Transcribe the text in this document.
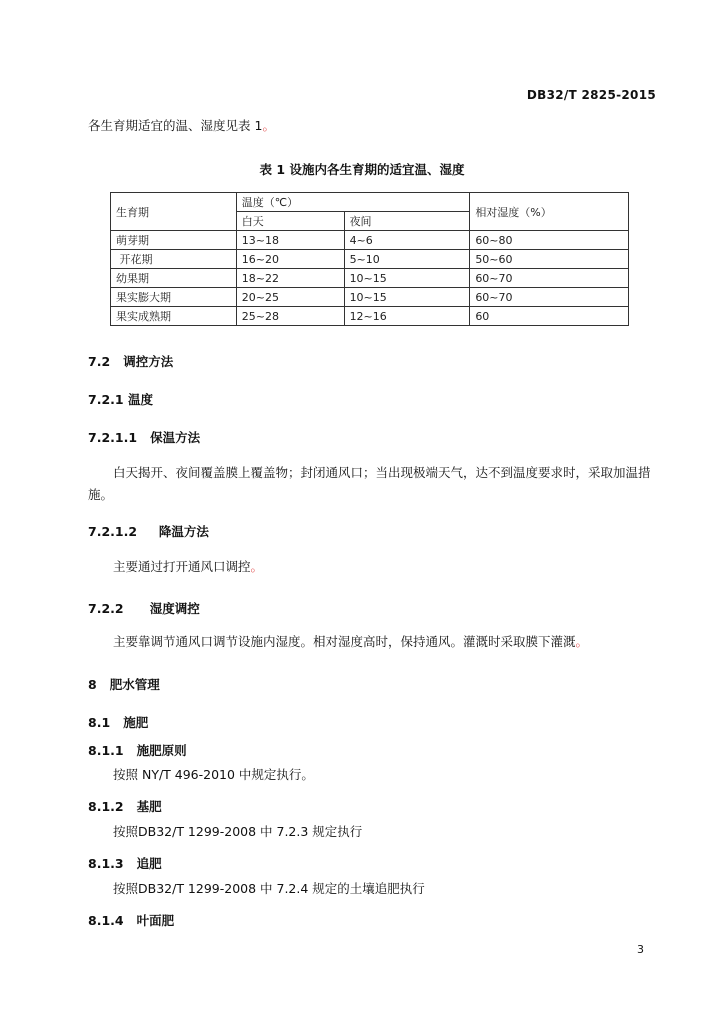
DB32/T 2825-2015
各生育期适宜的温、湿度见表 1。
表 1 设施内各生育期的适宜温、湿度
生育期	温度（℃）		相对湿度（%）
	白天	夜间	
萌芽期	13~18	4~6	60~80
开花期	16~20	5~10	50~60
幼果期	18~22	10~15	60~70
果实膨大期	20~25	10~15	60~70
果实成熟期	25~28	12~16	60
7.2 调控方法
7.2.1 温度
7.2.1.1 保温方法
白天揭开、夜间覆盖膜上覆盖物；封闭通风口；当出现极端天气，达不到温度要求时，采取加温措施。
7.2.1.2 降温方法
主要通过打开通风口调控。
7.2.2 湿度调控
主要靠调节通风口调节设施内湿度。相对湿度高时，保持通风。灌溉时采取膜下灌溉。
8 肥水管理
8.1 施肥
8.1.1 施肥原则
按照 NY/T 496-2010 中规定执行。
8.1.2 基肥
按照DB32/T 1299-2008 中 7.2.3 规定执行
8.1.3 追肥
按照DB32/T 1299-2008 中 7.2.4 规定的土壤追肥执行
8.1.4 叶面肥
3
